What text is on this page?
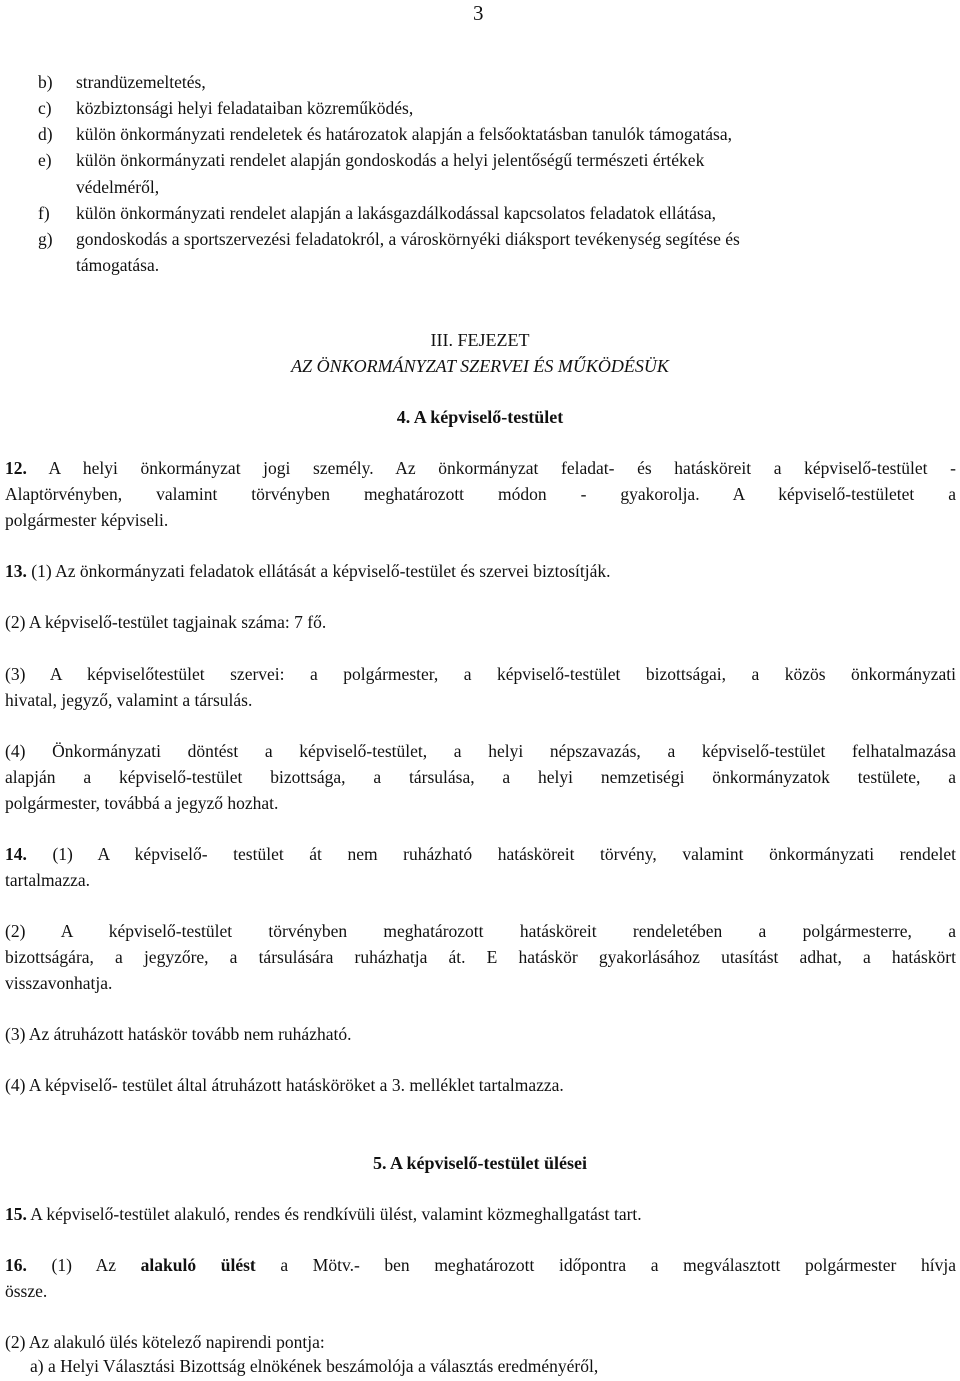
3
b) strandüzemeltetés,
c) közbiztonsági helyi feladataiban közreműködés,
d) külön önkormányzati rendeletek és határozatok alapján a felsőoktatásban tanulók támogatása,
e) külön önkormányzati rendelet alapján gondoskodás a helyi jelentőségű természeti értékek
védelméről,
f) külön önkormányzati rendelet alapján a lakásgazdálkodással kapcsolatos feladatok ellátása,
g) gondoskodás a sportszervezési feladatokról, a városkörnyéki diáksport tevékenység segítése és
támogatása.
III. FEJEZET
AZ ÖNKORMÁNYZAT SZERVEI ÉS MŰKÖDÉSÜK
4. A képviselő-testület
12. A helyi önkormányzat jogi személy. Az önkormányzat feladat- és hatásköreit a képviselő-testület -
Alaptörvényben, valamint törvényben meghatározott módon - gyakorolja. A képviselő-testületet a
polgármester képviseli.
13. (1) Az önkormányzati feladatok ellátását a képviselő-testület és szervei biztosítják.
(2) A képviselő-testület tagjainak száma: 7 fő.
(3) A képviselőtestület szervei: a polgármester, a képviselő-testület bizottságai, a közös önkormányzati
hivatal, jegyző, valamint a társulás.
(4) Önkormányzati döntést a képviselő-testület, a helyi népszavazás, a képviselő-testület felhatalmazása
alapján a képviselő-testület bizottsága, a társulása, a helyi nemzetiségi önkormányzatok testülete, a
polgármester, továbbá a jegyző hozhat.
14. (1) A képviselő- testület át nem ruházható hatásköreit törvény, valamint önkormányzati rendelet
tartalmazza.
(2) A képviselő-testület törvényben meghatározott hatásköreit rendeletében a polgármesterre, a
bizottságára, a jegyzőre, a társulására ruházhatja át. E hatáskör gyakorlásához utasítást adhat, a hatáskört
visszavonhatja.
(3) Az átruházott hatáskör tovább nem ruházható.
(4) A képviselő- testület által átruházott hatásköröket a 3. melléklet tartalmazza.
5. A képviselő-testület ülései
15. A képviselő-testület alakuló, rendes és rendkívüli ülést, valamint közmeghallgatást tart.
16. (1) Az alakuló ülést a Mötv.- ben meghatározott időpontra a megválasztott polgármester hívja
össze.
(2) Az alakuló ülés kötelező napirendi pontja:
a) a Helyi Választási Bizottság elnökének beszámolója a választás eredményéről,
